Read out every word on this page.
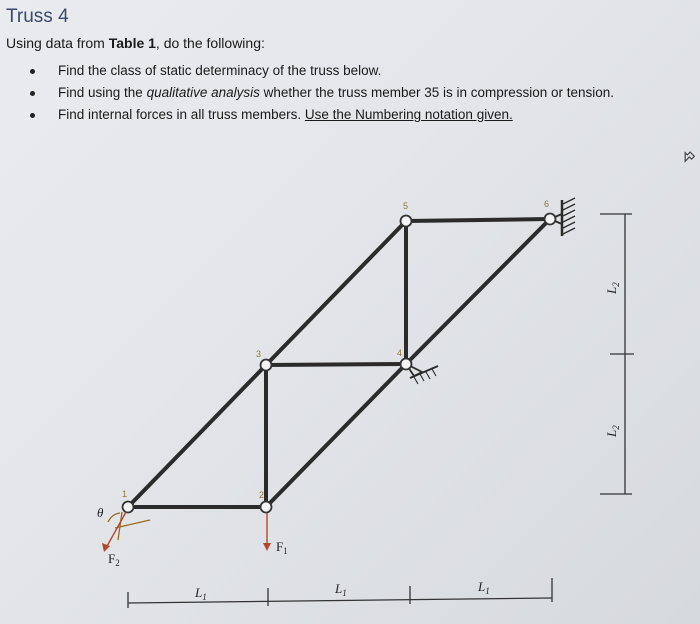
Truss 4
Using data from Table 1, do the following:
Find the class of static determinacy of the truss below.
Find using the qualitative analysis whether the truss member 35 is in compression or tension.
Find internal forces in all truss members. Use the Numbering notation given.
1	2
3	4
5	6
$F_1$
$F_2$
θ
$L_1$
$L_1$	$L_1$
$L_2$
$L_2$
